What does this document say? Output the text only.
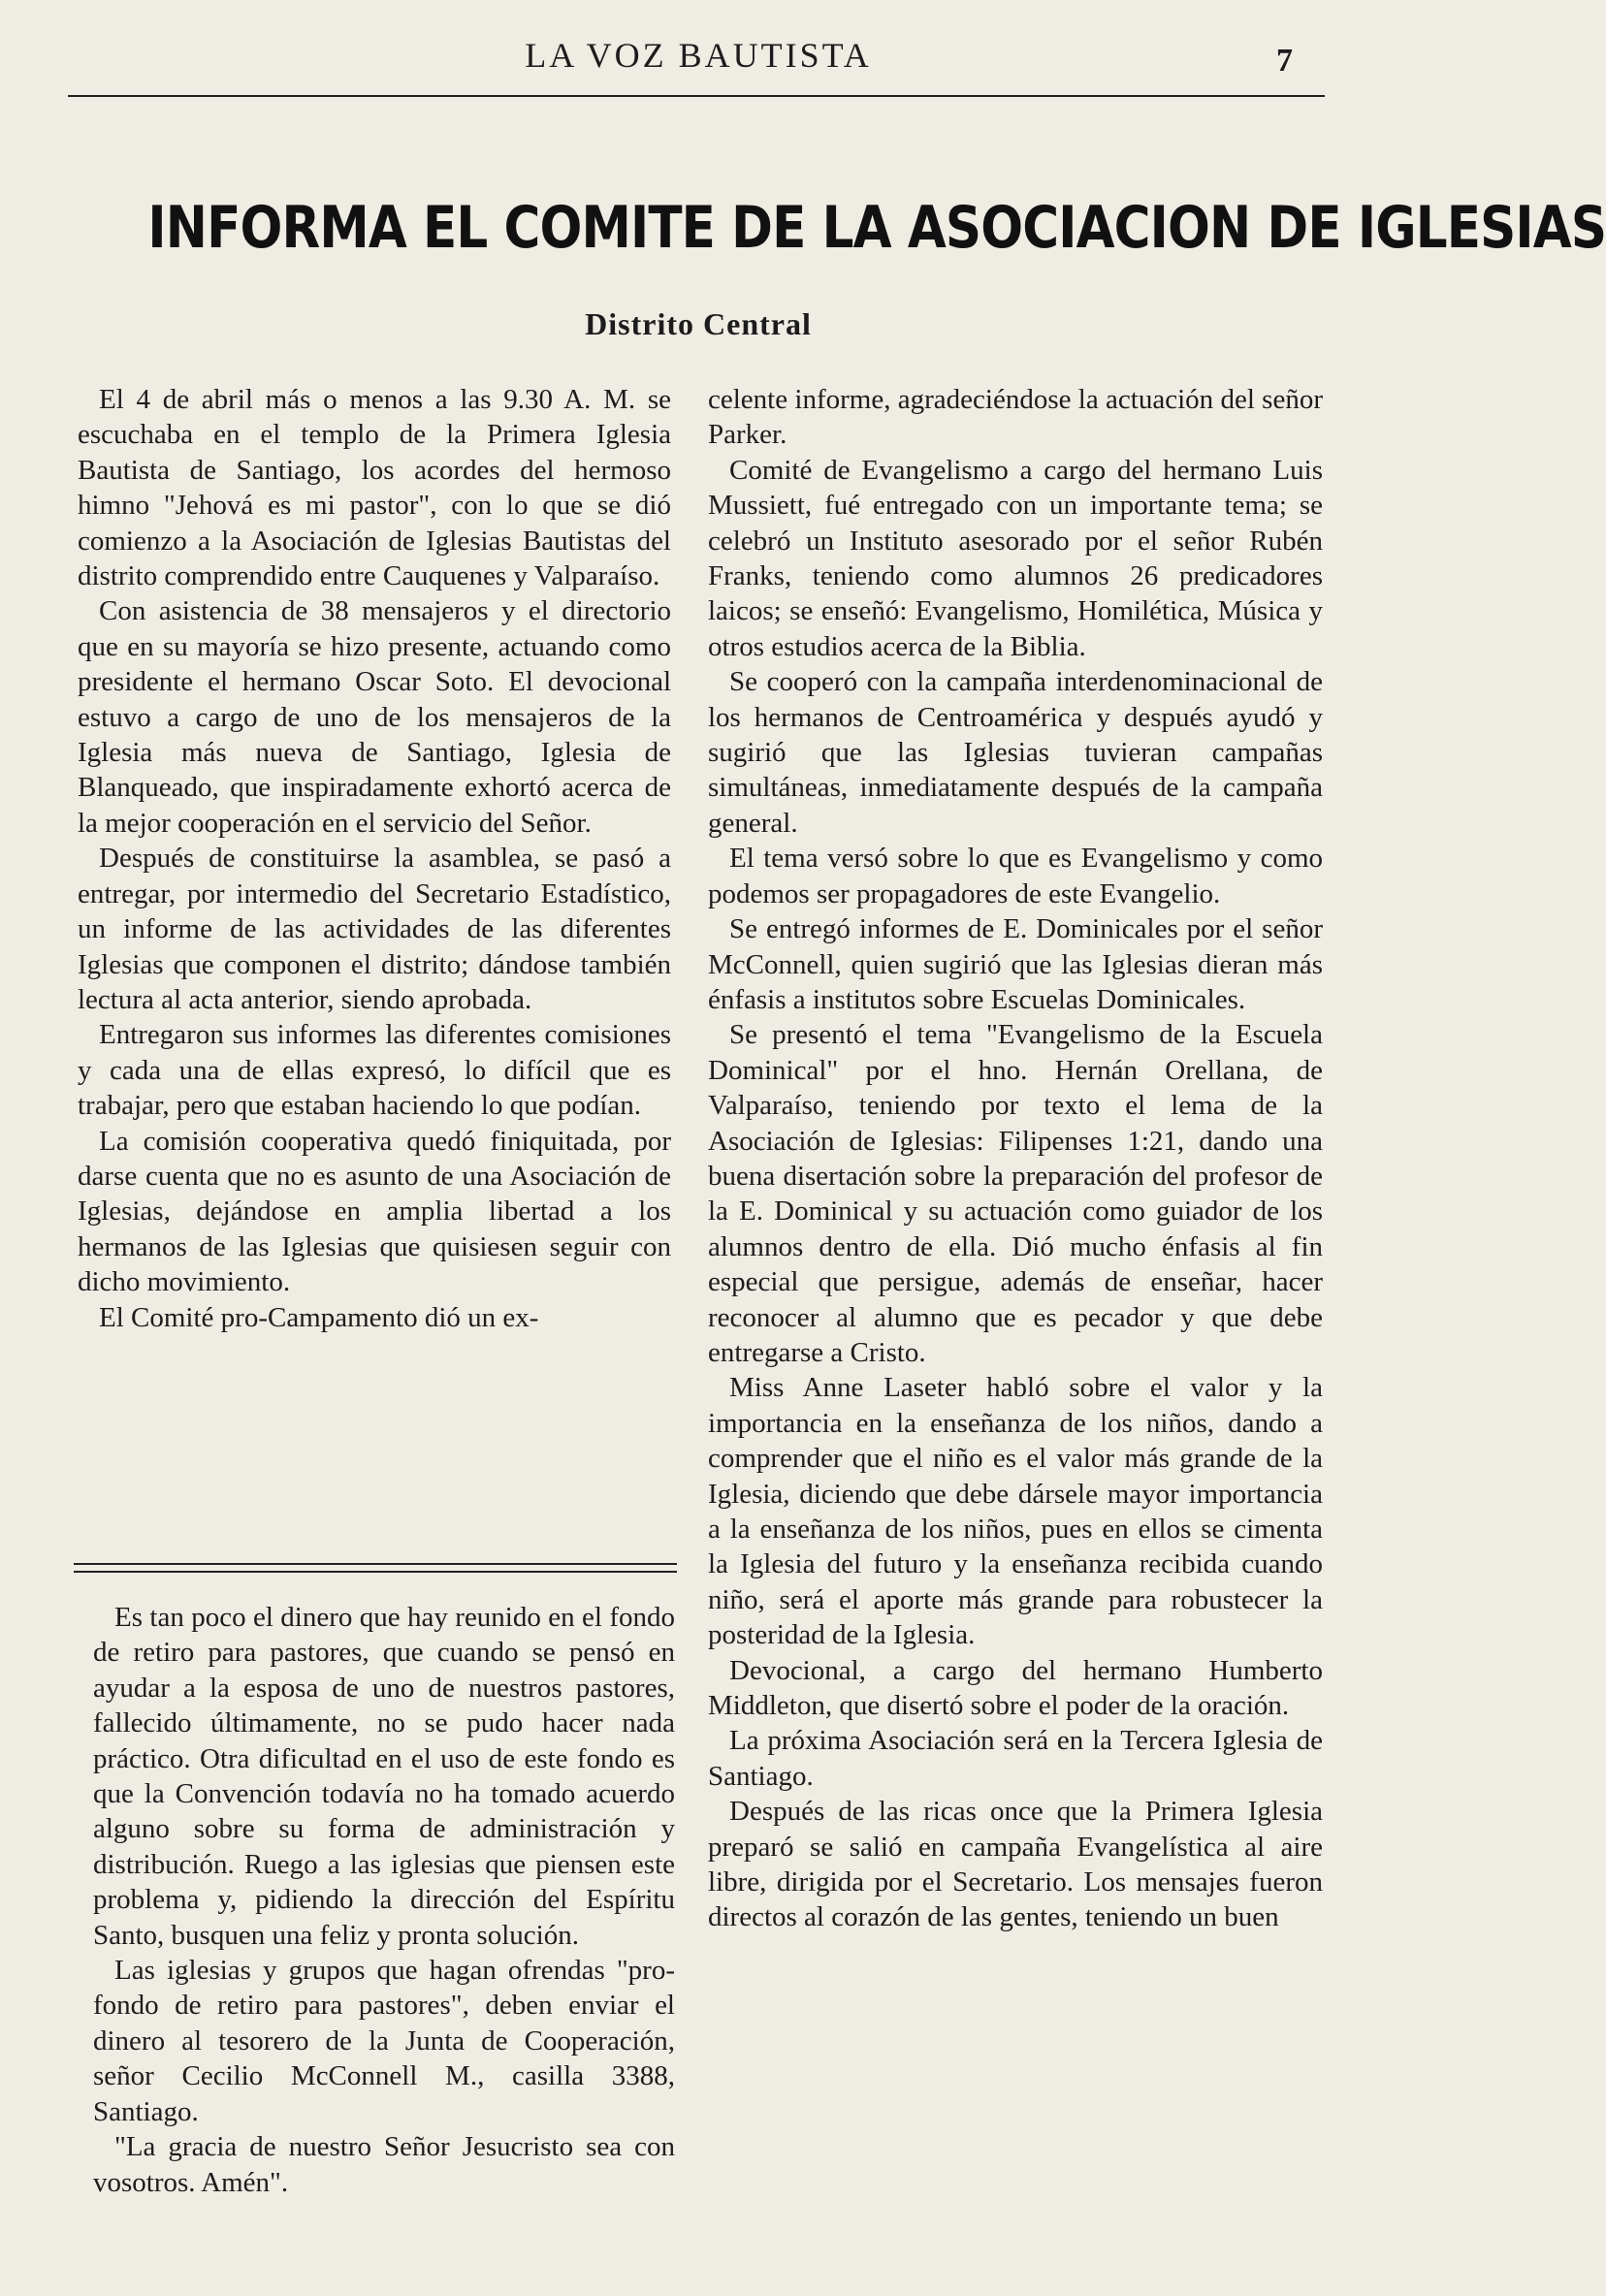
LA VOZ BAUTISTA	7
INFORMA EL COMITE DE LA ASOCIACION DE IGLESIAS
Distrito Central

El 4 de abril más o menos a las 9.30 A. M. se escuchaba en el templo de la Primera Iglesia Bautista de Santiago, los acordes del hermoso himno "Jehová es mi pastor", con lo que se dió comienzo a la Asociación de Iglesias Bautistas del distrito comprendido entre Cauquenes y Valparaíso.

Con asistencia de 38 mensajeros y el directorio que en su mayoría se hizo presente, actuando como presidente el hermano Oscar Soto. El devocional estuvo a cargo de uno de los mensajeros de la Iglesia más nueva de Santiago, Iglesia de Blanqueado, que inspiradamente exhortó acerca de la mejor cooperación en el servicio del Señor.

Después de constituirse la asamblea, se pasó a entregar, por intermedio del Secretario Estadístico, un informe de las actividades de las diferentes Iglesias que componen el distrito; dándose también lectura al acta anterior, siendo aprobada.

Entregaron sus informes las diferentes comisiones y cada una de ellas expresó, lo difícil que es trabajar, pero que estaban haciendo lo que podían.

La comisión cooperativa quedó finiquitada, por darse cuenta que no es asunto de una Asociación de Iglesias, dejándose en amplia libertad a los hermanos de las Iglesias que quisiesen seguir con dicho movimiento.

El Comité pro-Campamento dió un ex-

Es tan poco el dinero que hay reunido en el fondo de retiro para pastores, que cuando se pensó en ayudar a la esposa de uno de nuestros pastores, fallecido últimamente, no se pudo hacer nada práctico. Otra dificultad en el uso de este fondo es que la Convención todavía no ha tomado acuerdo alguno sobre su forma de administración y distribución. Ruego a las iglesias que piensen este problema y, pidiendo la dirección del Espíritu Santo, busquen una feliz y pronta solución.

Las iglesias y grupos que hagan ofrendas "pro-fondo de retiro para pastores", deben enviar el dinero al tesorero de la Junta de Cooperación, señor Cecilio McConnell M., casilla 3388, Santiago.

"La gracia de nuestro Señor Jesucristo sea con vosotros. Amén".

celente informe, agradeciéndose la actuación del señor Parker.

Comité de Evangelismo a cargo del hermano Luis Mussiett, fué entregado con un importante tema; se celebró un Instituto asesorado por el señor Rubén Franks, teniendo como alumnos 26 predicadores laicos; se enseñó: Evangelismo, Homilética, Música y otros estudios acerca de la Biblia.

Se cooperó con la campaña interdenominacional de los hermanos de Centroamérica y después ayudó y sugirió que las Iglesias tuvieran campañas simultáneas, inmediatamente después de la campaña general.

El tema versó sobre lo que es Evangelismo y como podemos ser propagadores de este Evangelio.

Se entregó informes de E. Dominicales por el señor McConnell, quien sugirió que las Iglesias dieran más énfasis a institutos sobre Escuelas Dominicales.

Se presentó el tema "Evangelismo de la Escuela Dominical" por el hno. Hernán Orellana, de Valparaíso, teniendo por texto el lema de la Asociación de Iglesias: Filipenses 1:21, dando una buena disertación sobre la preparación del profesor de la E. Dominical y su actuación como guiador de los alumnos dentro de ella. Dió mucho énfasis al fin especial que persigue, además de enseñar, hacer reconocer al alumno que es pecador y que debe entregarse a Cristo.

Miss Anne Laseter habló sobre el valor y la importancia en la enseñanza de los niños, dando a comprender que el niño es el valor más grande de la Iglesia, diciendo que debe dársele mayor importancia a la enseñanza de los niños, pues en ellos se cimenta la Iglesia del futuro y la enseñanza recibida cuando niño, será el aporte más grande para robustecer la posteridad de la Iglesia.

Devocional, a cargo del hermano Humberto Middleton, que disertó sobre el poder de la oración.

La próxima Asociación será en la Tercera Iglesia de Santiago.

Después de las ricas once que la Primera Iglesia preparó se salió en campaña Evangelística al aire libre, dirigida por el Secretario. Los mensajes fueron directos al corazón de las gentes, teniendo un buen
